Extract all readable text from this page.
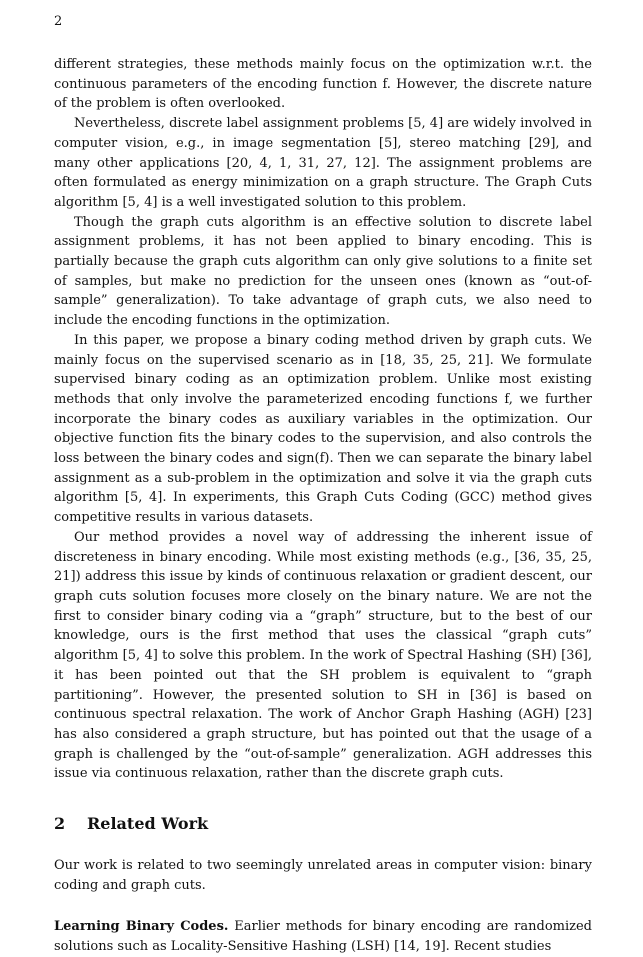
2

different strategies, these methods mainly focus on the optimization w.r.t. the continuous parameters of the encoding function f. However, the discrete nature of the problem is often overlooked.

Nevertheless, discrete label assignment problems [5, 4] are widely involved in computer vision, e.g., in image segmentation [5], stereo matching [29], and many other applications [20, 4, 1, 31, 27, 12]. The assignment problems are often formulated as energy minimization on a graph structure. The Graph Cuts algorithm [5, 4] is a well investigated solution to this problem.

Though the graph cuts algorithm is an effective solution to discrete label assignment problems, it has not been applied to binary encoding. This is partially because the graph cuts algorithm can only give solutions to a finite set of samples, but make no prediction for the unseen ones (known as “out-of-sample” generalization). To take advantage of graph cuts, we also need to include the encoding functions in the optimization.

In this paper, we propose a binary coding method driven by graph cuts. We mainly focus on the supervised scenario as in [18, 35, 25, 21]. We formulate supervised binary coding as an optimization problem. Unlike most existing methods that only involve the parameterized encoding functions f, we further incorporate the binary codes as auxiliary variables in the optimization. Our objective function fits the binary codes to the supervision, and also controls the loss between the binary codes and sign(f). Then we can separate the binary label assignment as a sub-problem in the optimization and solve it via the graph cuts algorithm [5, 4]. In experiments, this Graph Cuts Coding (GCC) method gives competitive results in various datasets.

Our method provides a novel way of addressing the inherent issue of discreteness in binary encoding. While most existing methods (e.g., [36, 35, 25, 21]) address this issue by kinds of continuous relaxation or gradient descent, our graph cuts solution focuses more closely on the binary nature. We are not the first to consider binary coding via a “graph” structure, but to the best of our knowledge, ours is the first method that uses the classical “graph cuts” algorithm [5, 4] to solve this problem. In the work of Spectral Hashing (SH) [36], it has been pointed out that the SH problem is equivalent to “graph partitioning”. However, the presented solution to SH in [36] is based on continuous spectral relaxation. The work of Anchor Graph Hashing (AGH) [23] has also considered a graph structure, but has pointed out that the usage of a graph is challenged by the “out-of-sample” generalization. AGH addresses this issue via continuous relaxation, rather than the discrete graph cuts.

2 Related Work

Our work is related to two seemingly unrelated areas in computer vision: binary coding and graph cuts.

Learning Binary Codes. Earlier methods for binary encoding are randomized solutions such as Locality-Sensitive Hashing (LSH) [14, 19]. Recent studies
